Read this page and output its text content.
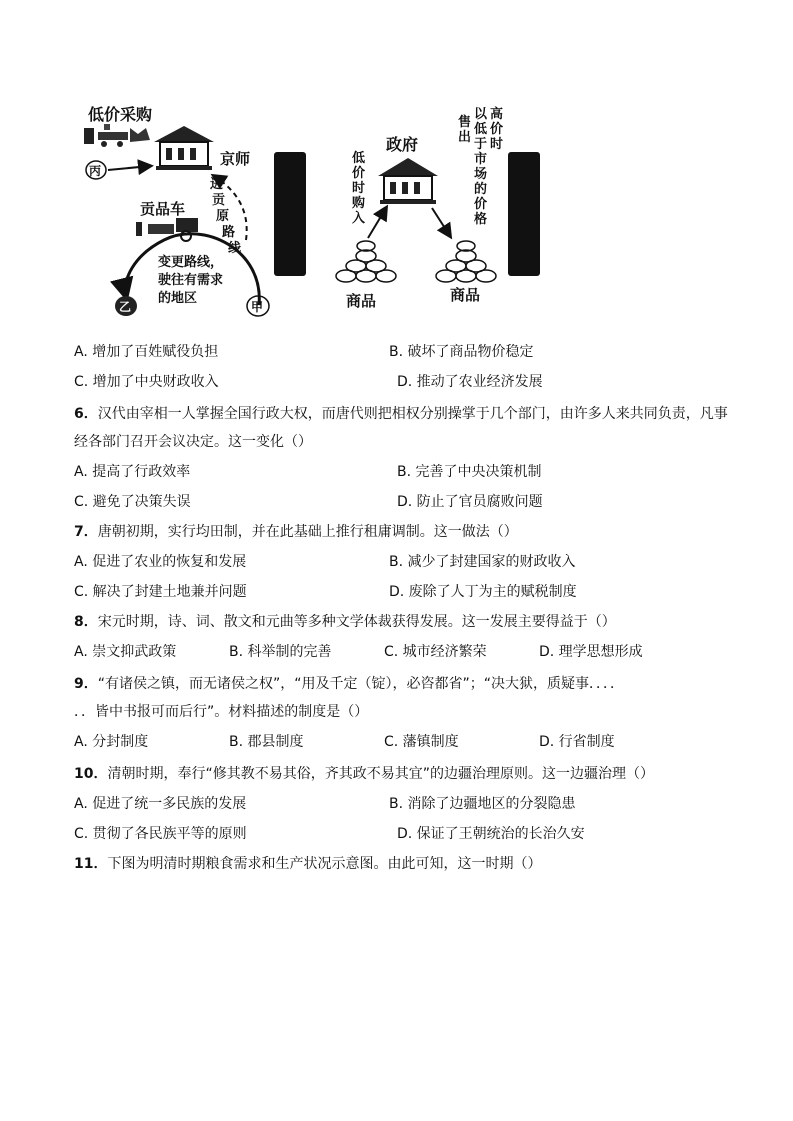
低价采购
丙
京师
进
贡
原
路
线
贡品车
变更路线，
驶往有需求
的地区
乙	甲
政府
低
价
时
购
入
售
出
以
低
于
市
场
的
价
格
高
价
时
商品	商品
A. 增加了百姓赋役负担	B. 破坏了商品物价稳定
C. 增加了中央财政收入	D. 推动了农业经济发展
6．汉代由宰相一人掌握全国行政大权，而唐代则把相权分别操掌于几个部门，由许多人来共同负责，凡事
经各部门召开会议决定。这一变化（）
A. 提高了行政效率	B. 完善了中央决策机制
C. 避免了决策失误	D. 防止了官员腐败问题
7．唐朝初期，实行均田制，并在此基础上推行租庸调制。这一做法（）
A. 促进了农业的恢复和发展	B. 减少了封建国家的财政收入
C. 解决了封建土地兼并问题	D. 废除了人丁为主的赋税制度
8．宋元时期，诗、词、散文和元曲等多种文学体裁获得发展。这一发展主要得益于（）
A. 崇文抑武政策	B. 科举制的完善	C. 城市经济繁荣	D. 理学思想形成
9．“有诸侯之镇，而无诸侯之权”，“用及千定（锭），必咨都省”；“决大狱，质疑事．．．．
．．皆中书报可而后行”。材料描述的制度是（）
A. 分封制度	B. 郡县制度	C. 藩镇制度	D. 行省制度
10．清朝时期，奉行“修其教不易其俗，齐其政不易其宜”的边疆治理原则。这一边疆治理（）
A. 促进了统一多民族的发展	B. 消除了边疆地区的分裂隐患
C. 贯彻了各民族平等的原则	D. 保证了王朝统治的长治久安
11．下图为明清时期粮食需求和生产状况示意图。由此可知，这一时期（）
